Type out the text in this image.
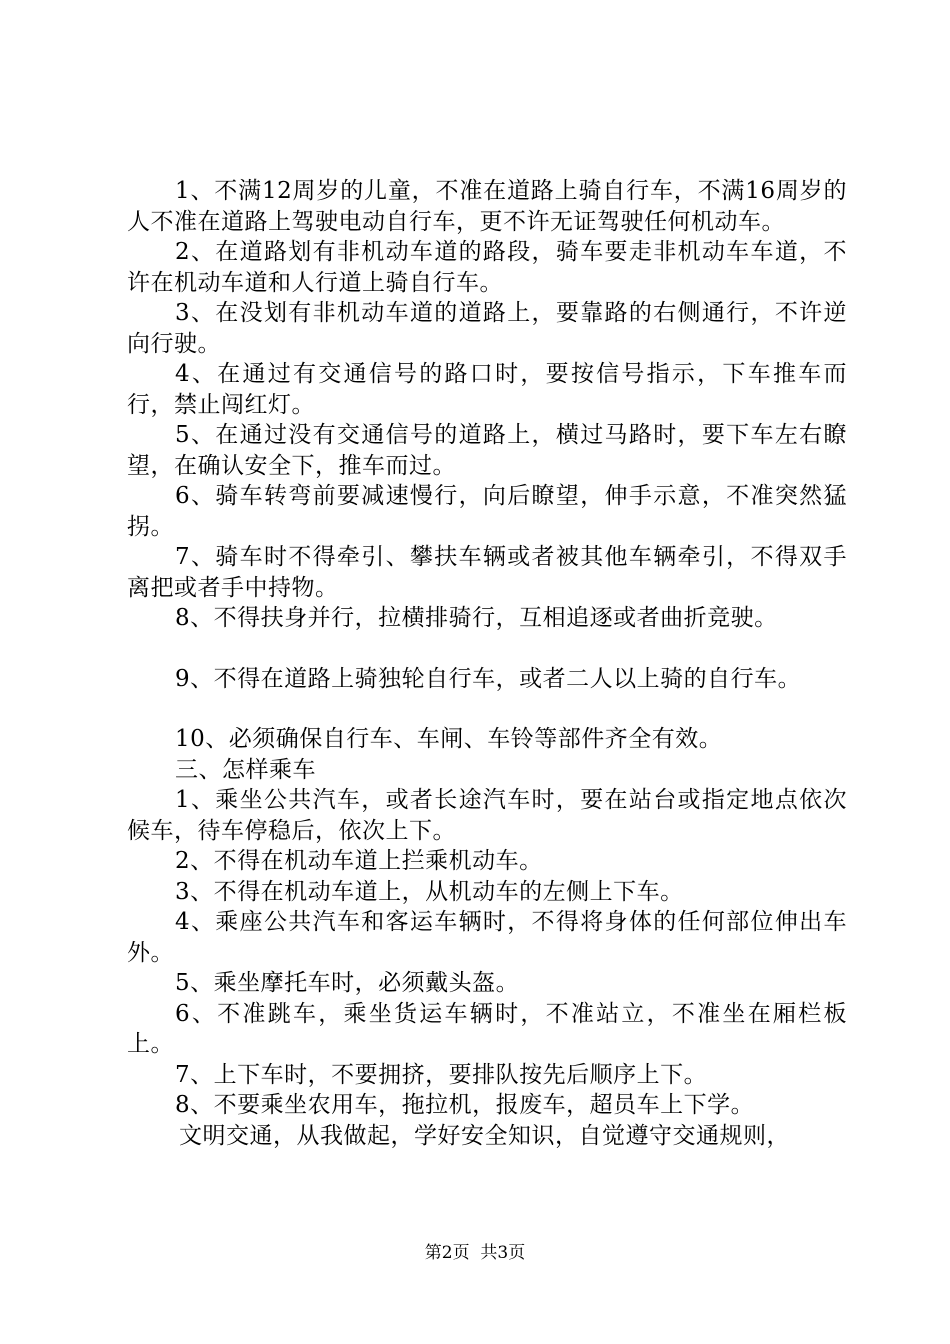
1、不满12周岁的儿童，不准在道路上骑自行车，不满16周岁的人不准在道路上驾驶电动自行车，更不许无证驾驶任何机动车。

2、在道路划有非机动车道的路段，骑车要走非机动车车道，不许在机动车道和人行道上骑自行车。

3、在没划有非机动车道的道路上，要靠路的右侧通行，不许逆向行驶。

4、在通过有交通信号的路口时，要按信号指示，下车推车而行，禁止闯红灯。

5、在通过没有交通信号的道路上，横过马路时，要下车左右瞭望，在确认安全下，推车而过。

6、骑车转弯前要减速慢行，向后瞭望，伸手示意，不准突然猛拐。

7、骑车时不得牵引、攀扶车辆或者被其他车辆牵引，不得双手离把或者手中持物。

8、不得扶身并行，拉横排骑行，互相追逐或者曲折竞驶。

9、不得在道路上骑独轮自行车，或者二人以上骑的自行车。

10、必须确保自行车、车闸、车铃等部件齐全有效。

三、怎样乘车

1、乘坐公共汽车，或者长途汽车时，要在站台或指定地点依次候车，待车停稳后，依次上下。

2、不得在机动车道上拦乘机动车。

3、不得在机动车道上，从机动车的左侧上下车。

4、乘座公共汽车和客运车辆时，不得将身体的任何部位伸出车外。

5、乘坐摩托车时，必须戴头盔。

6、不准跳车，乘坐货运车辆时，不准站立，不准坐在厢栏板上。

7、上下车时，不要拥挤，要排队按先后顺序上下。

8、不要乘坐农用车，拖拉机，报废车，超员车上下学。

文明交通，从我做起，学好安全知识，自觉遵守交通规则，

第2页  共3页
